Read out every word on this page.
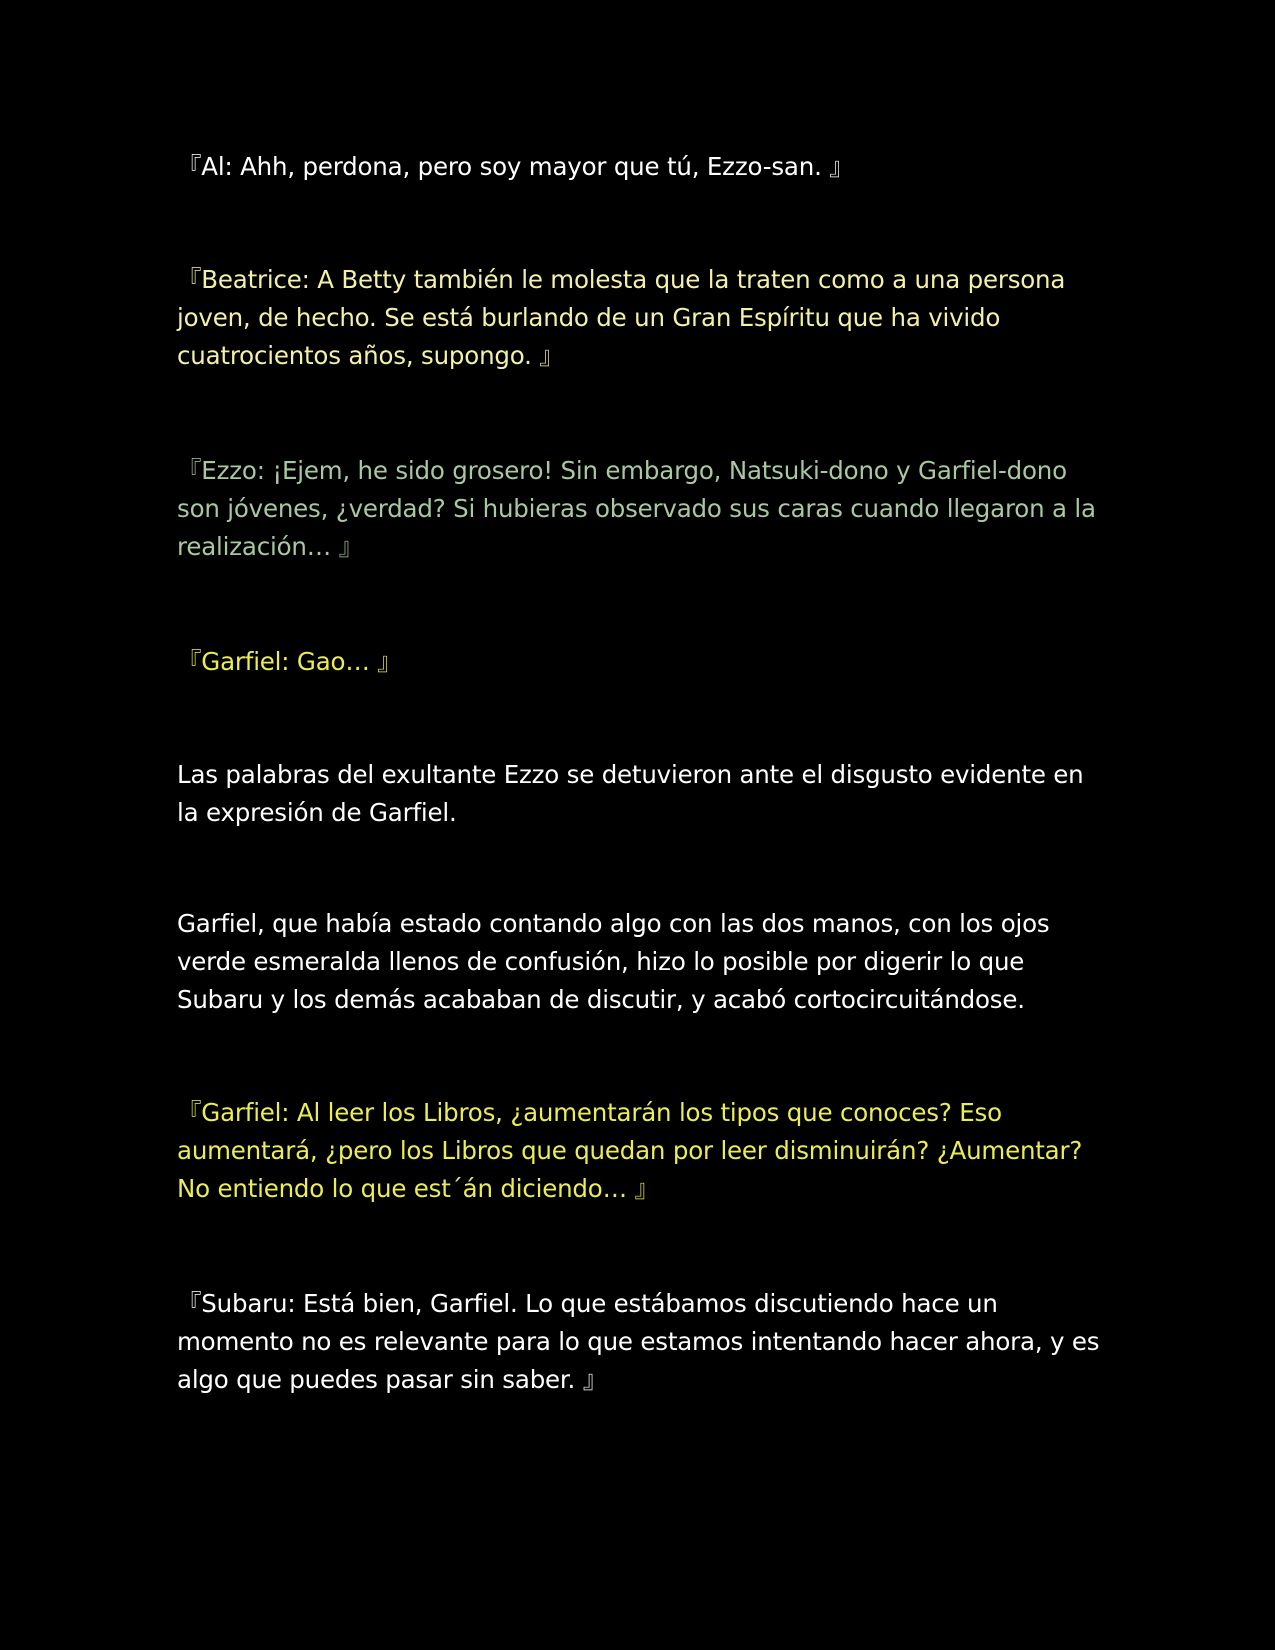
『Al: Ahh, perdona, pero soy mayor que tú, Ezzo-san. 』

『Beatrice: A Betty también le molesta que la traten como a una persona joven, de hecho. Se está burlando de un Gran Espíritu que ha vivido cuatrocientos años, supongo. 』

『Ezzo: ¡Ejem, he sido grosero! Sin embargo, Natsuki-dono y Garfiel-dono son jóvenes, ¿verdad? Si hubieras observado sus caras cuando llegaron a la realización… 』

『Garfiel: Gao… 』

Las palabras del exultante Ezzo se detuvieron ante el disgusto evidente en la expresión de Garfiel.

Garfiel, que había estado contando algo con las dos manos, con los ojos verde esmeralda llenos de confusión, hizo lo posible por digerir lo que Subaru y los demás acababan de discutir, y acabó cortocircuitándose.

『Garfiel: Al leer los Libros, ¿aumentarán los tipos que conoces? Eso aumentará, ¿pero los Libros que quedan por leer disminuirán? ¿Aumentar? No entiendo lo que est´án diciendo… 』

『Subaru: Está bien, Garfiel. Lo que estábamos discutiendo hace un momento no es relevante para lo que estamos intentando hacer ahora, y es algo que puedes pasar sin saber. 』
